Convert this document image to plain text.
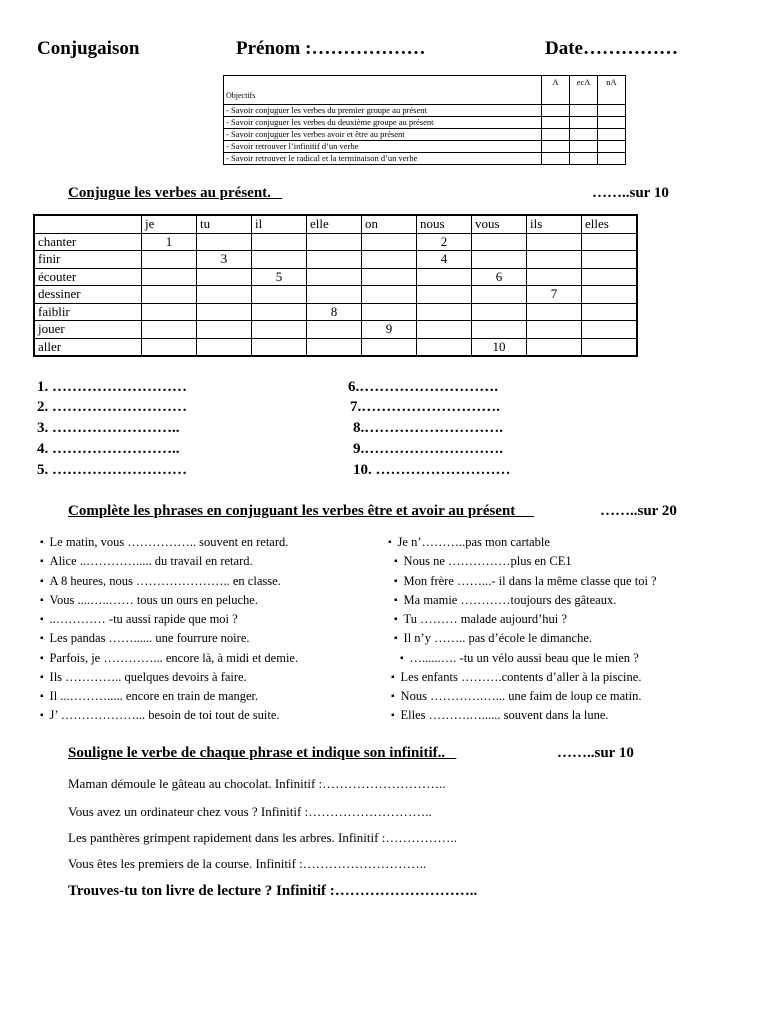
Conjugaison	Prénom :………………	Date……………
Objectifs	A	ecA	nA
- Savoir conjuguer les verbes du premier groupe au présent			
- Savoir conjuguer les verbes du deuxième groupe au présent			
- Savoir conjuguer les verbes avoir et être au présent			
- Savoir retrouver l’infinitif d’un verbe			
- Savoir retrouver le radical et la terminaison d’un verbe			
Conjugue les verbes au présent.	……..sur 10
	je	tu	il	elle	on	nous	vous	ils	elles
chanter	1					2			
finir		3				4			
écouter			5				6		
dessiner								7	
faiblir				8					
jouer					9				
aller							10		
1. ………………………
2. ………………………
3. ……………………..
4. ……………………..
5. ………………………
6.……………………….
7.……………………….
8.……………………….
9.……………………….
10. ………………………
Complète les phrases en conjuguant les verbes être et avoir au présent	……..sur 20
▪ Le matin, vous …………….. souvent en retard.
▪ Alice ..…………..... du travail en retard.
▪ A 8 heures, nous ………………….. en classe.
▪ Vous ....…..…… tous un ours en peluche.
▪ ..………… -tu aussi rapide que moi ?
▪ Les pandas ……...... une fourrure noire.
▪ Parfois, je …………... encore là, à midi et demie.
▪ Ils ………….. quelques devoirs à faire.
▪ Il ...………..... encore en train de manger.
▪ J’ ………………... besoin de toi tout de suite.
▪ Je n’………..pas mon cartable
▪ Nous ne ……………plus en CE1
▪ Mon frère ……...- il dans la même classe que toi ?
▪ Ma mamie …………toujours des gâteaux.
▪ Tu ……… malade aujourd’hui ?
▪ Il n’y …….. pas d’école le dimanche.
▪ …......…. -tu un vélo aussi beau que le mien ?
▪ Les enfants ……….contents d’aller à la piscine.
▪ Nous ………….…... une faim de loup ce matin.
▪ Elles ……….…...... souvent dans la lune.
Souligne le verbe de chaque phrase et indique son infinitif..	……..sur 10
Maman démoule le gâteau au chocolat. Infinitif :………………………..
Vous avez un ordinateur chez vous ? Infinitif :………………………..
Les panthères grimpent rapidement dans les arbres. Infinitif :……………..
Vous êtes les premiers de la course. Infinitif :………………………..
Trouves-tu ton livre de lecture ? Infinitif :………………………..
